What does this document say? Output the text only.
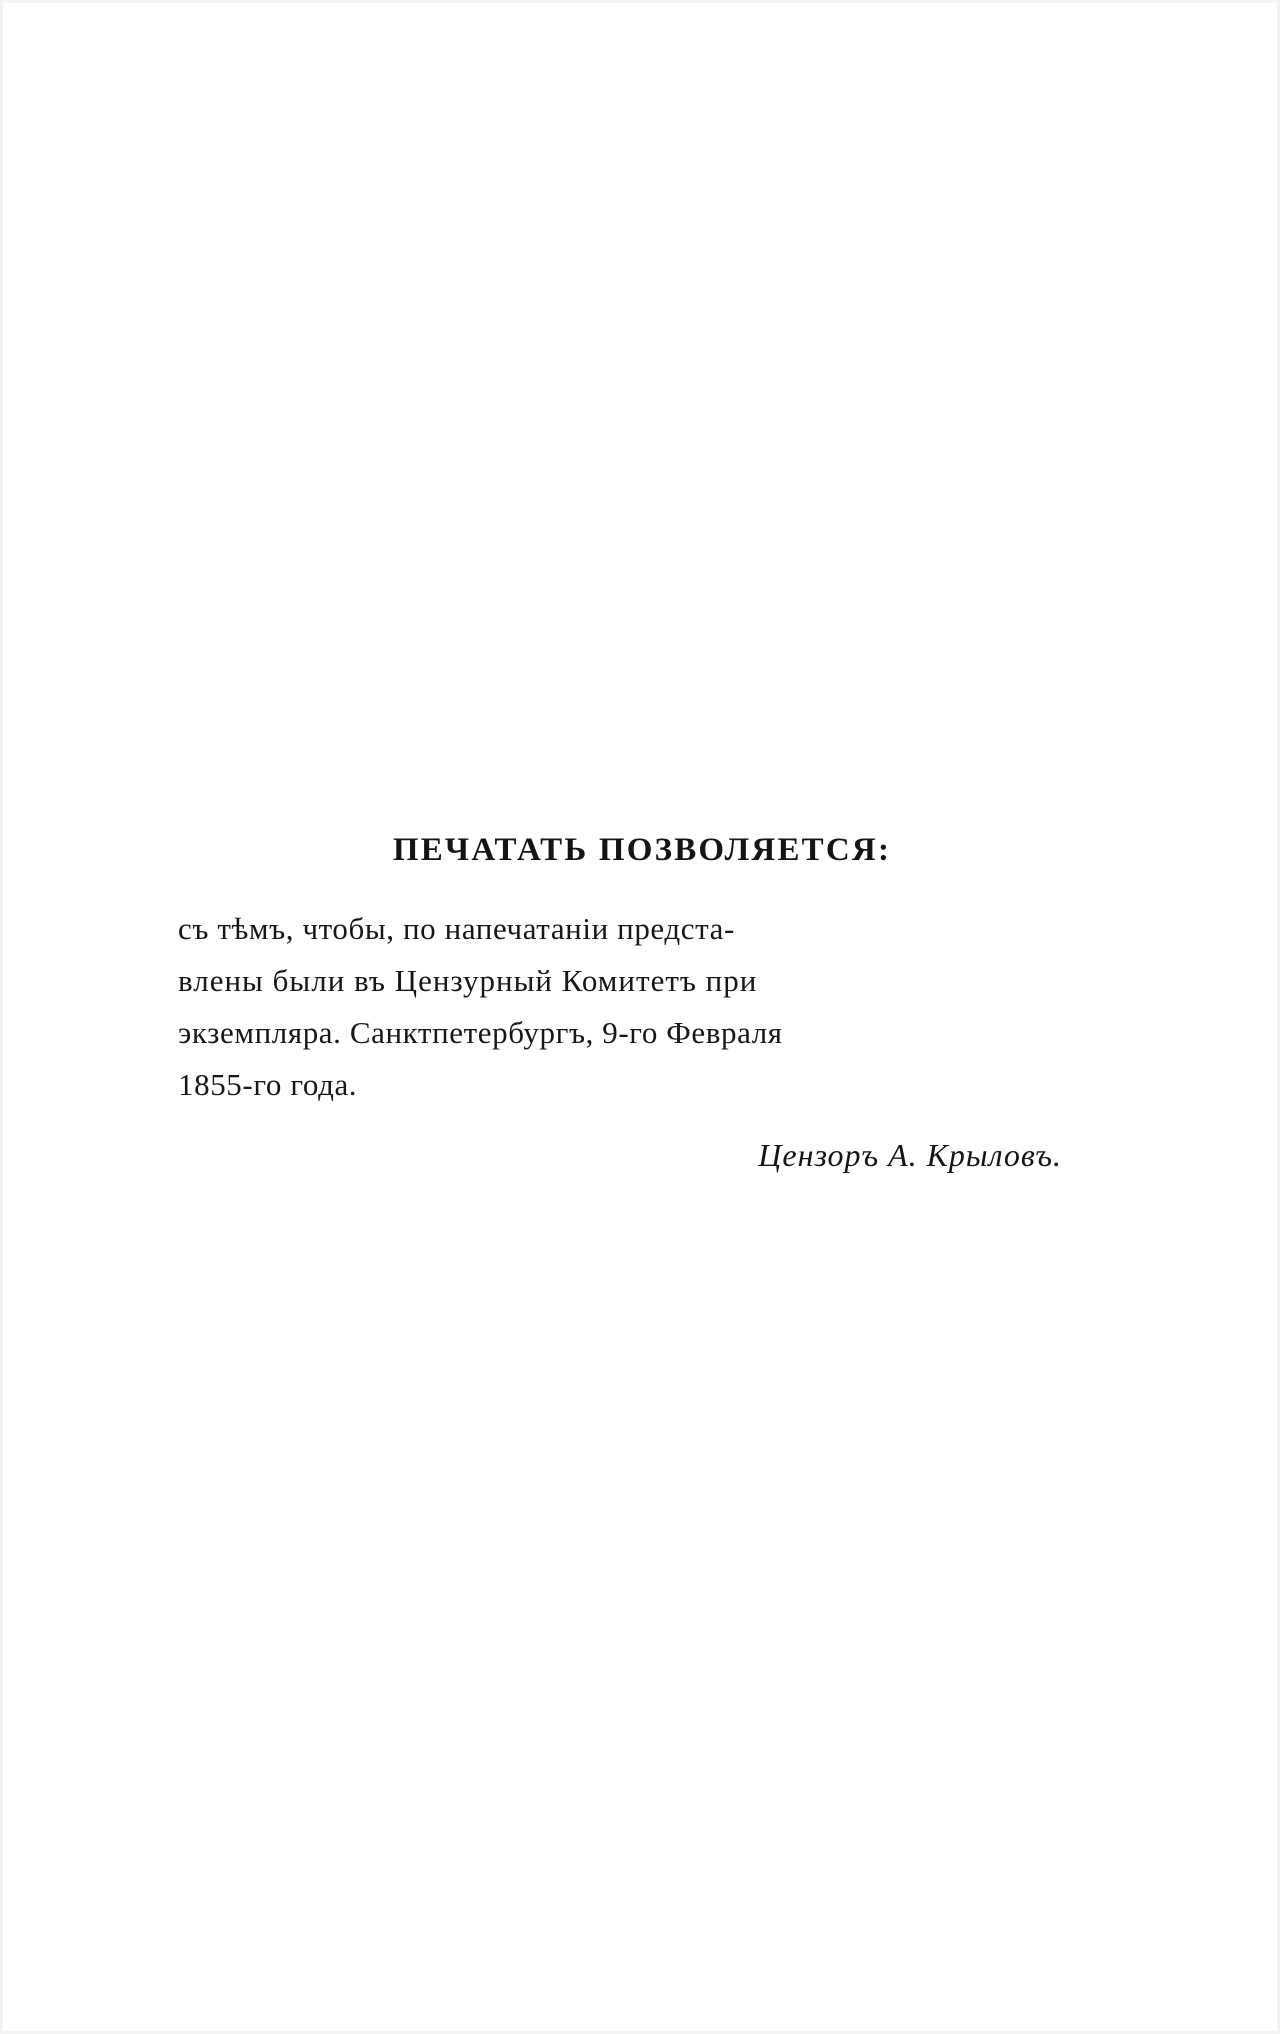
ПЕЧАТАТЬ ПОЗВОЛЯЕТСЯ:

съ тѣмъ, чтобы, по напечатаніи предста-
влены были въ Цензурный Комитетъ при
экземпляра. Санктпетербургъ, 9-го Февраля
1855-го года.

Цензоръ А. Крыловъ.
